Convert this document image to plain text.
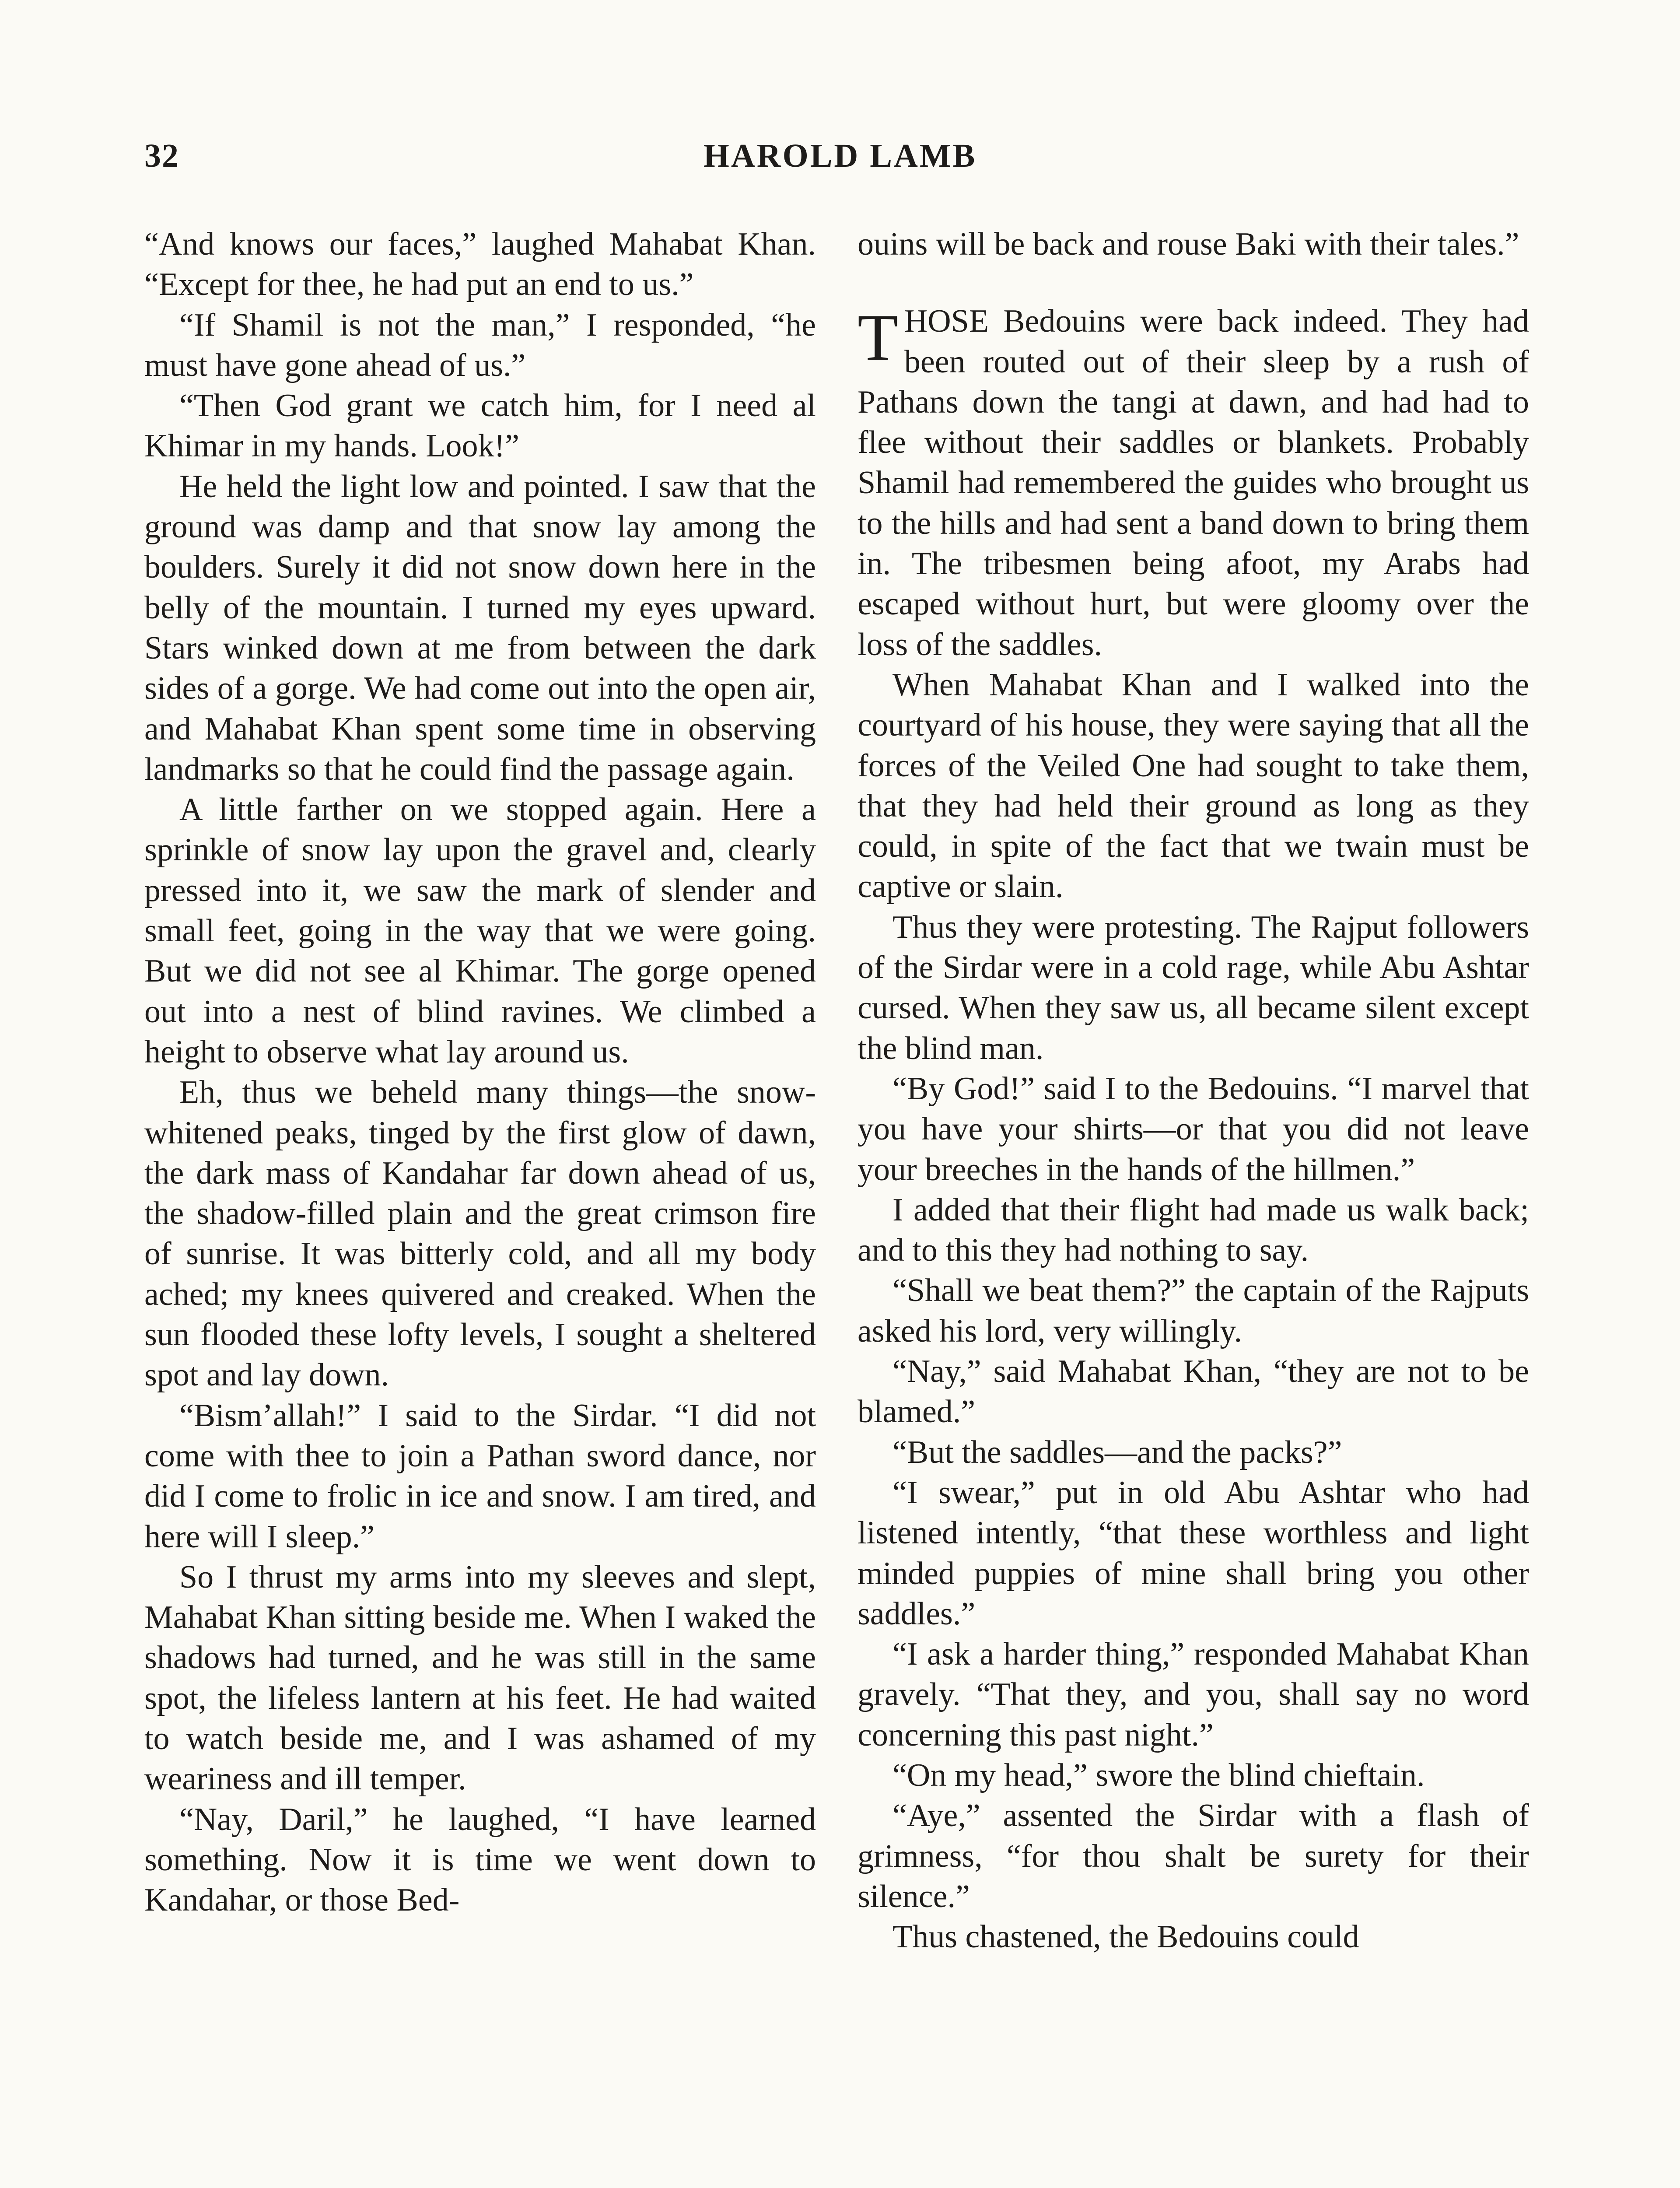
32	HAROLD LAMB

“And knows our faces,” laughed Mahabat Khan. “Except for thee, he had put an end to us.”

“If Shamil is not the man,” I responded, “he must have gone ahead of us.”

“Then God grant we catch him, for I need al Khimar in my hands. Look!”

He held the light low and pointed. I saw that the ground was damp and that snow lay among the boulders. Surely it did not snow down here in the belly of the mountain. I turned my eyes upward. Stars winked down at me from between the dark sides of a gorge. We had come out into the open air, and Mahabat Khan spent some time in observing landmarks so that he could find the passage again.

A little farther on we stopped again. Here a sprinkle of snow lay upon the gravel and, clearly pressed into it, we saw the mark of slender and small feet, going in the way that we were going. But we did not see al Khimar. The gorge opened out into a nest of blind ravines. We climbed a height to observe what lay around us.

Eh, thus we beheld many things—the snow-whitened peaks, tinged by the first glow of dawn, the dark mass of Kandahar far down ahead of us, the shadow-filled plain and the great crimson fire of sunrise. It was bitterly cold, and all my body ached; my knees quivered and creaked. When the sun flooded these lofty levels, I sought a sheltered spot and lay down.

“Bism’allah!” I said to the Sirdar. “I did not come with thee to join a Pathan sword dance, nor did I come to frolic in ice and snow. I am tired, and here will I sleep.”

So I thrust my arms into my sleeves and slept, Mahabat Khan sitting beside me. When I waked the shadows had turned, and he was still in the same spot, the lifeless lantern at his feet. He had waited to watch beside me, and I was ashamed of my weariness and ill temper.

“Nay, Daril,” he laughed, “I have learned something. Now it is time we went down to Kandahar, or those Bed-

ouins will be back and rouse Baki with their tales.”

THOSE Bedouins were back indeed. They had been routed out of their sleep by a rush of Pathans down the tangi at dawn, and had had to flee without their saddles or blankets. Probably Shamil had remembered the guides who brought us to the hills and had sent a band down to bring them in. The tribesmen being afoot, my Arabs had escaped without hurt, but were gloomy over the loss of the saddles.

When Mahabat Khan and I walked into the courtyard of his house, they were saying that all the forces of the Veiled One had sought to take them, that they had held their ground as long as they could, in spite of the fact that we twain must be captive or slain.

Thus they were protesting. The Rajput followers of the Sirdar were in a cold rage, while Abu Ashtar cursed. When they saw us, all became silent except the blind man.

“By God!” said I to the Bedouins. “I marvel that you have your shirts—or that you did not leave your breeches in the hands of the hillmen.”

I added that their flight had made us walk back; and to this they had nothing to say.

“Shall we beat them?” the captain of the Rajputs asked his lord, very willingly.

“Nay,” said Mahabat Khan, “they are not to be blamed.”

“But the saddles—and the packs?”

“I swear,” put in old Abu Ashtar who had listened intently, “that these worthless and light minded puppies of mine shall bring you other saddles.”

“I ask a harder thing,” responded Mahabat Khan gravely. “That they, and you, shall say no word concerning this past night.”

“On my head,” swore the blind chieftain.

“Aye,” assented the Sirdar with a flash of grimness, “for thou shalt be surety for their silence.”

Thus chastened, the Bedouins could
